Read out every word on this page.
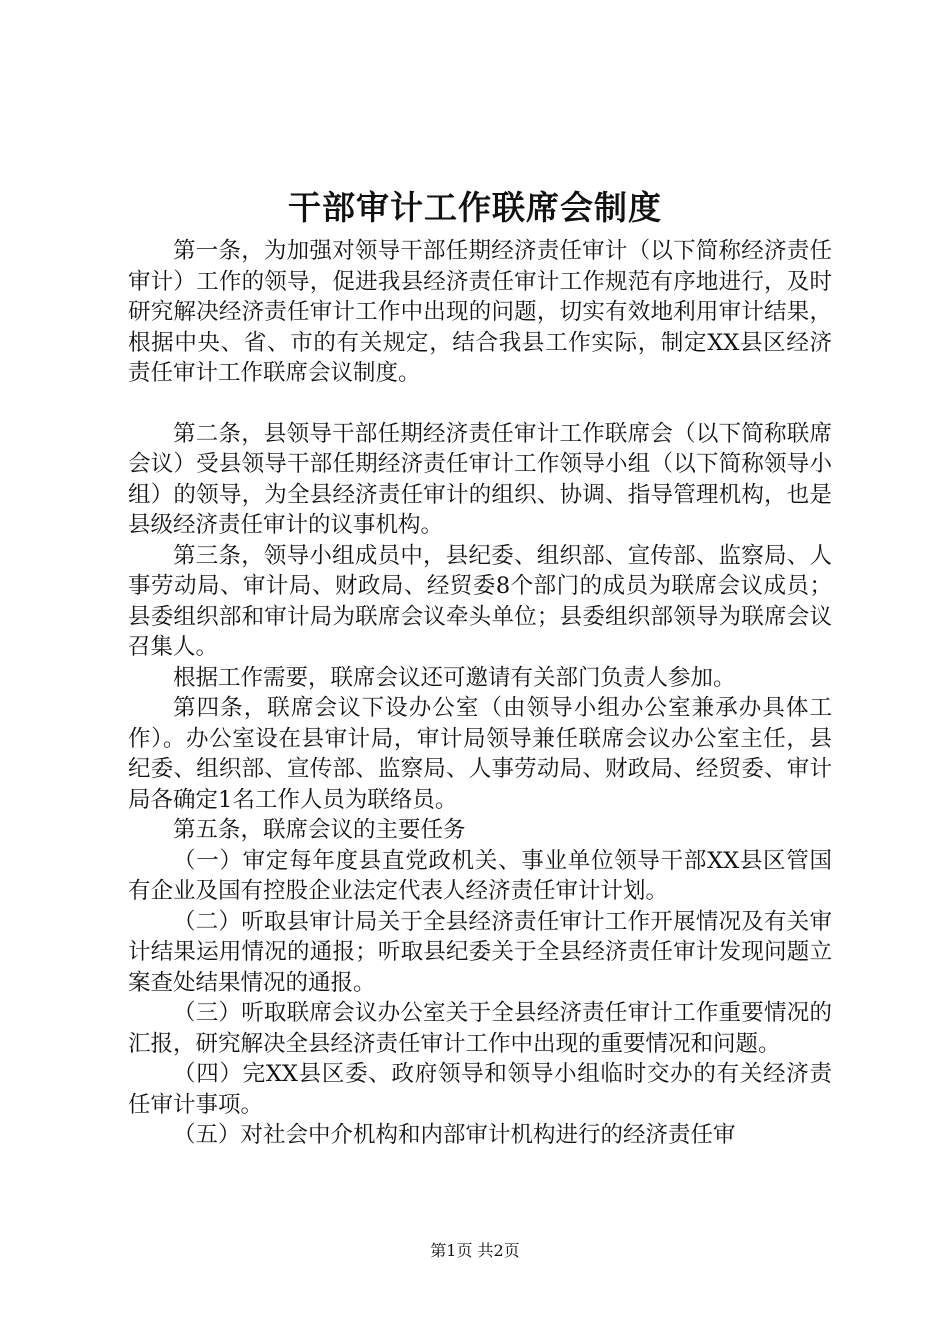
干部审计工作联席会制度

第一条，为加强对领导干部任期经济责任审计（以下简称经济责任审计）工作的领导，促进我县经济责任审计工作规范有序地进行，及时研究解决经济责任审计工作中出现的问题，切实有效地利用审计结果，根据中央、省、市的有关规定，结合我县工作实际，制定XX县区经济责任审计工作联席会议制度。

第二条，县领导干部任期经济责任审计工作联席会（以下简称联席会议）受县领导干部任期经济责任审计工作领导小组（以下简称领导小组）的领导，为全县经济责任审计的组织、协调、指导管理机构，也是县级经济责任审计的议事机构。

第三条，领导小组成员中，县纪委、组织部、宣传部、监察局、人事劳动局、审计局、财政局、经贸委8个部门的成员为联席会议成员；县委组织部和审计局为联席会议牵头单位；县委组织部领导为联席会议召集人。

根据工作需要，联席会议还可邀请有关部门负责人参加。

第四条，联席会议下设办公室（由领导小组办公室兼承办具体工作）。办公室设在县审计局，审计局领导兼任联席会议办公室主任，县纪委、组织部、宣传部、监察局、人事劳动局、财政局、经贸委、审计局各确定1名工作人员为联络员。

第五条，联席会议的主要任务

（一）审定每年度县直党政机关、事业单位领导干部XX县区管国有企业及国有控股企业法定代表人经济责任审计计划。

（二）听取县审计局关于全县经济责任审计工作开展情况及有关审计结果运用情况的通报；听取县纪委关于全县经济责任审计发现问题立案查处结果情况的通报。

（三）听取联席会议办公室关于全县经济责任审计工作重要情况的汇报，研究解决全县经济责任审计工作中出现的重要情况和问题。

（四）完XX县区委、政府领导和领导小组临时交办的有关经济责任审计事项。

（五）对社会中介机构和内部审计机构进行的经济责任审

第1页 共2页
